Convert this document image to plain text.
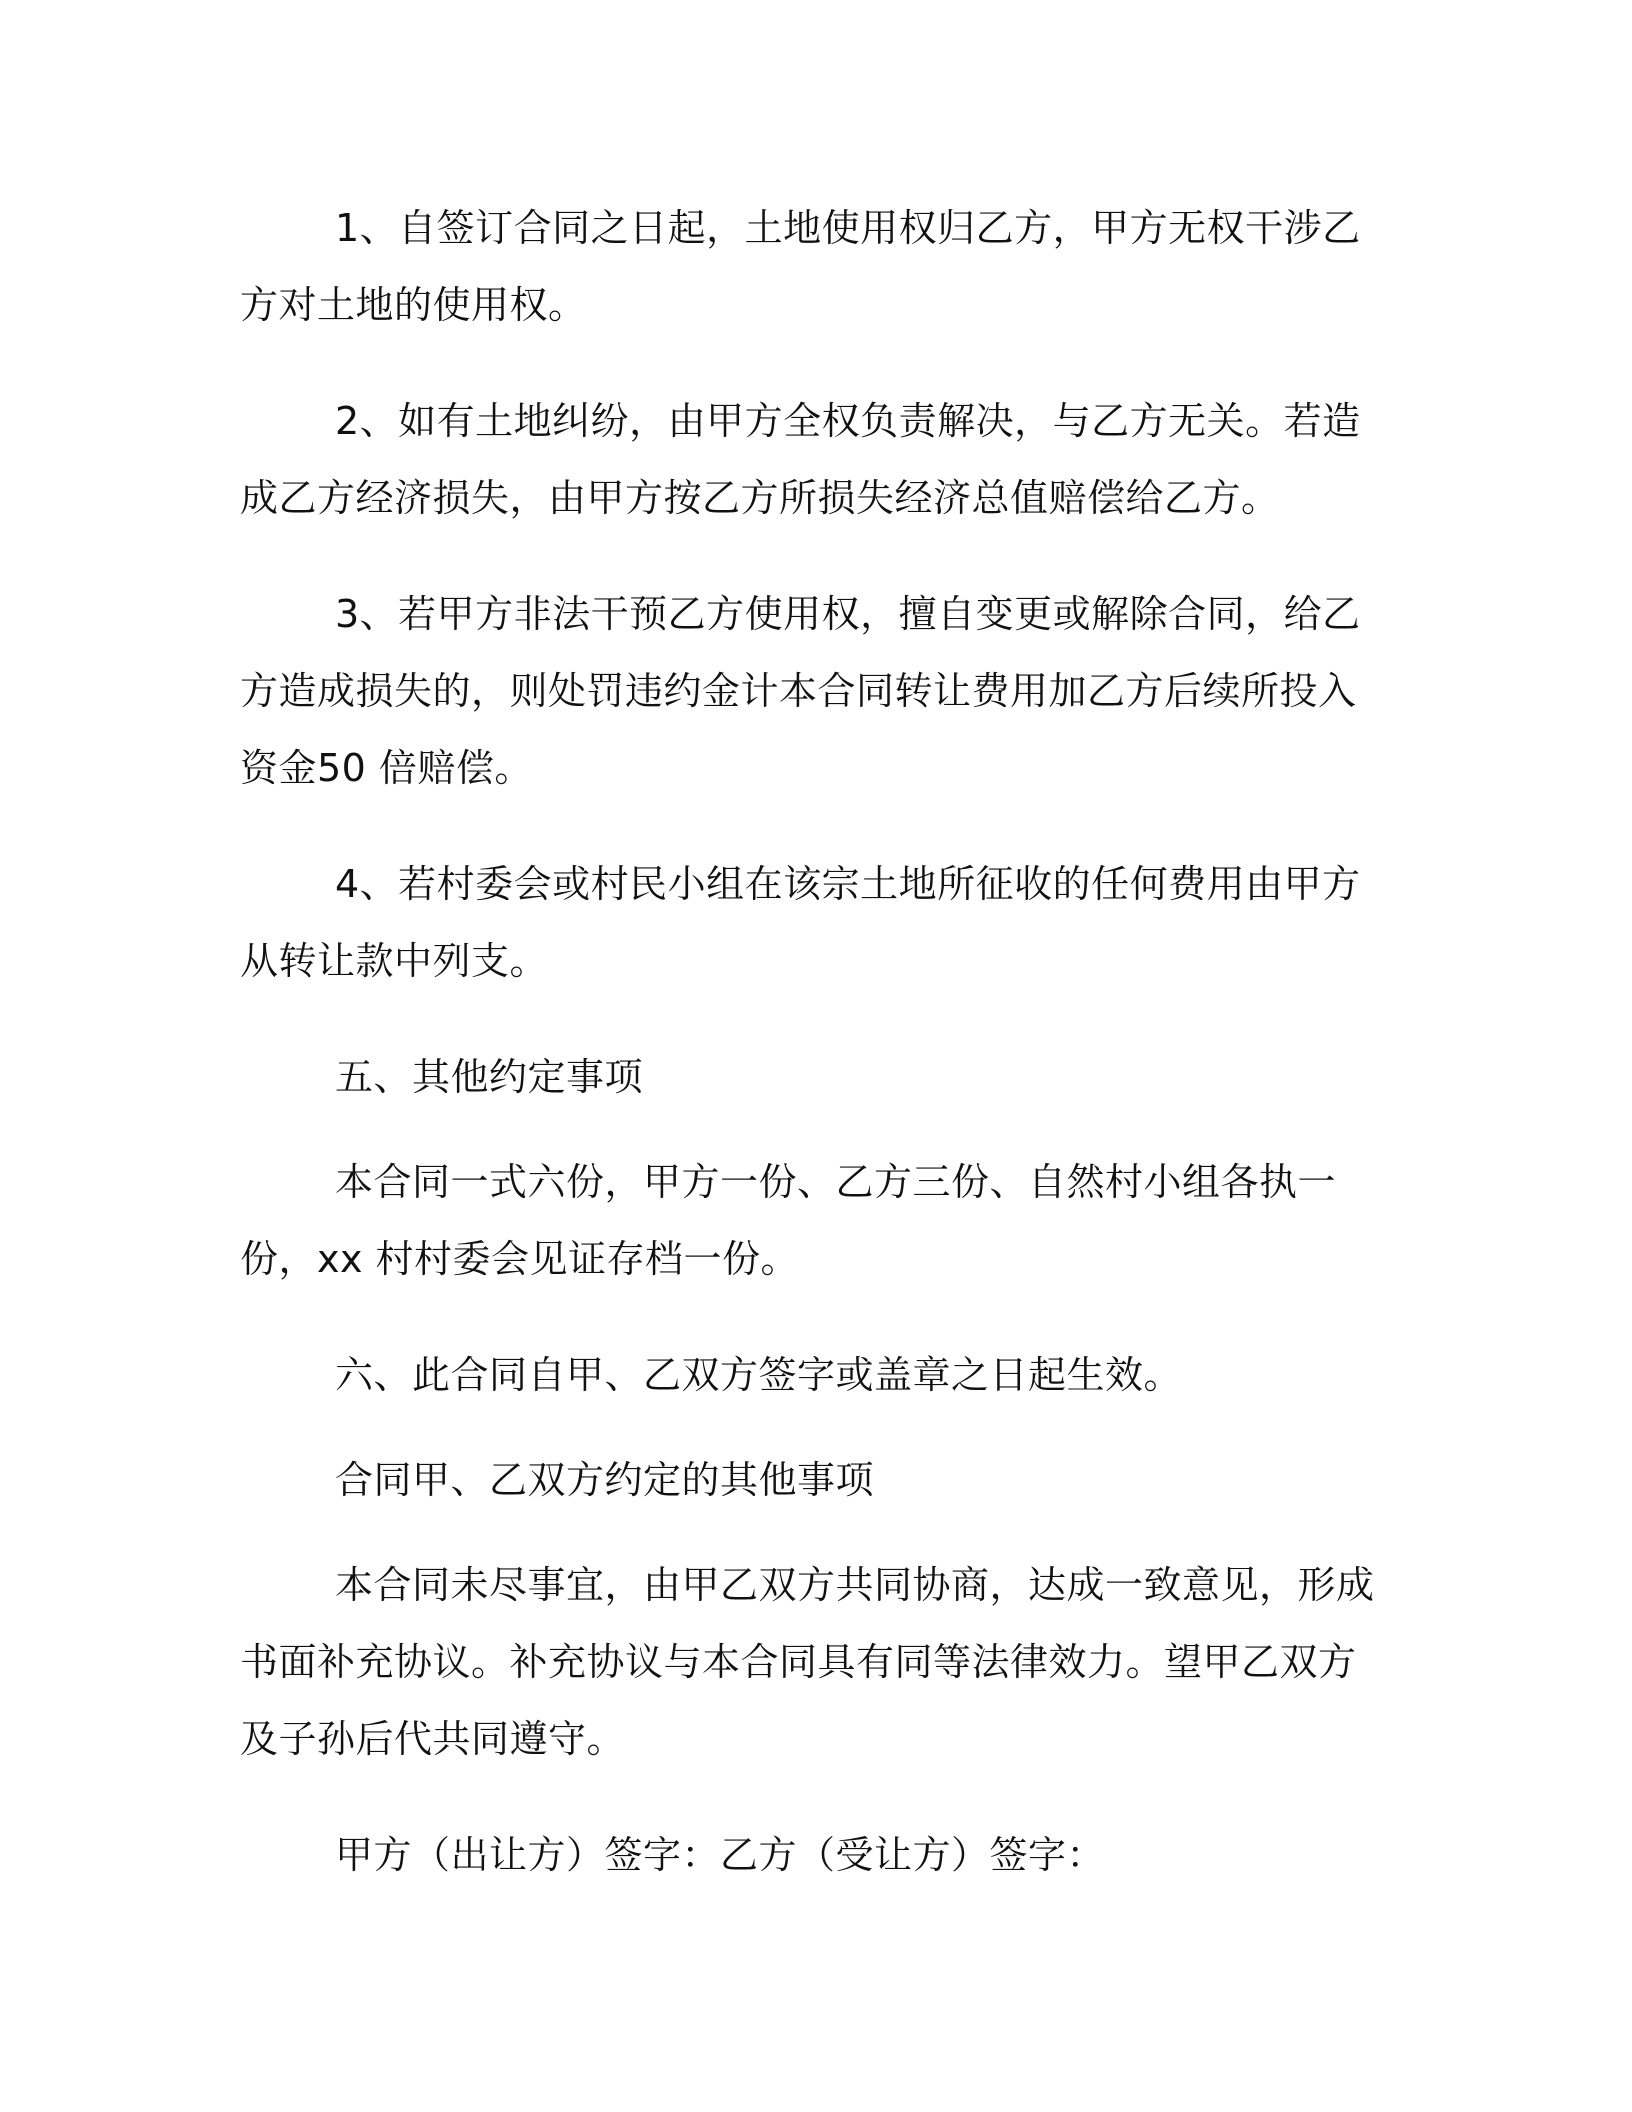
1、自签订合同之日起，土地使用权归乙方，甲方无权干涉乙方对土地的使用权。

2、如有土地纠纷，由甲方全权负责解决，与乙方无关。若造成乙方经济损失，由甲方按乙方所损失经济总值赔偿给乙方。

3、若甲方非法干预乙方使用权，擅自变更或解除合同，给乙方造成损失的，则处罚违约金计本合同转让费用加乙方后续所投入资金50 倍赔偿。

4、若村委会或村民小组在该宗土地所征收的任何费用由甲方从转让款中列支。

五、其他约定事项

本合同一式六份，甲方一份、乙方三份、自然村小组各执一份，xx 村村委会见证存档一份。

六、此合同自甲、乙双方签字或盖章之日起生效。

合同甲、乙双方约定的其他事项

本合同未尽事宜，由甲乙双方共同协商，达成一致意见，形成书面补充协议。补充协议与本合同具有同等法律效力。望甲乙双方及子孙后代共同遵守。

甲方（出让方）签字：乙方（受让方）签字：
